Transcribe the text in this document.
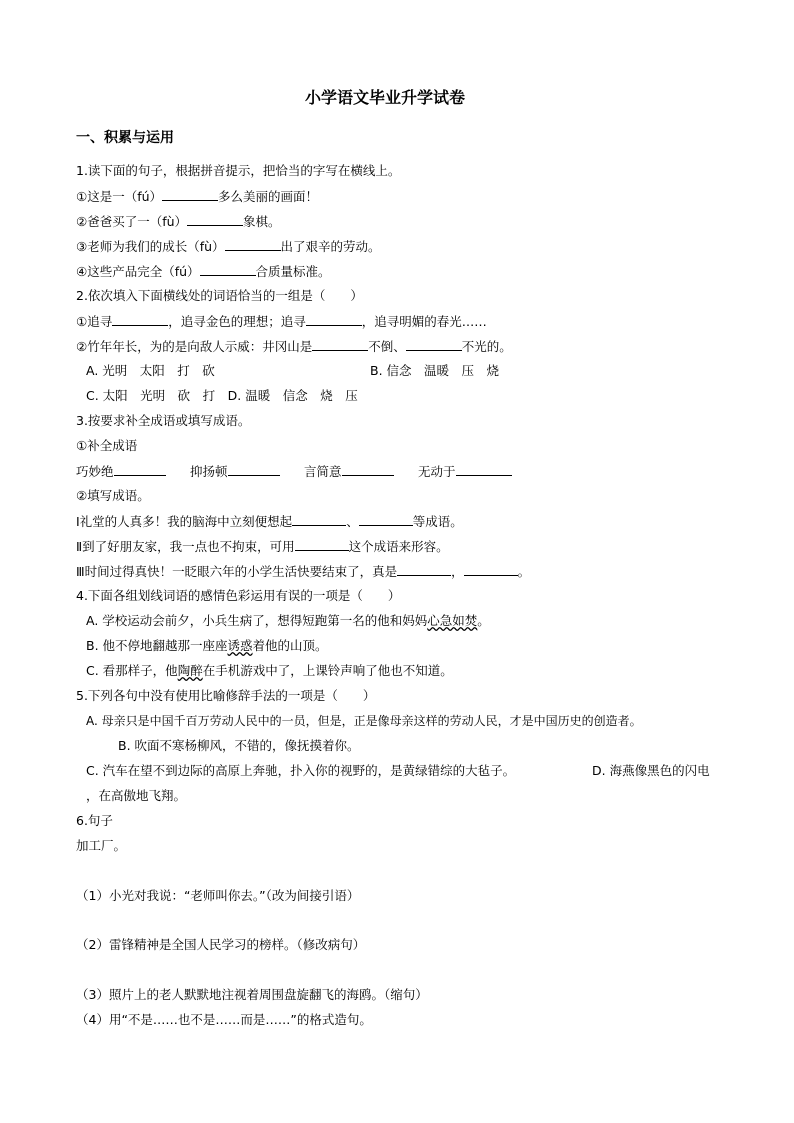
小学语文毕业升学试卷
一、积累与运用
1.读下面的句子，根据拼音提示，把恰当的字写在横线上。
①这是一（fú）	多么美丽的画面！
②爸爸买了一（fù）	象棋。
③老师为我们的成长（fù）	出了艰辛的劳动。
④这些产品完全（fú）	合质量标准。
2.依次填入下面横线处的词语恰当的一组是（　　）
①追寻	，追寻金色的理想；追寻	，追寻明媚的春光……
②竹年年长，为的是向敌人示威：井冈山是	不倒、	不光的。
A. 光明　太阳　打　砍	B. 信念　温暖　压　烧
C. 太阳　光明　砍　打　D. 温暖　信念　烧　压
3.按要求补全成语或填写成语。
①补全成语
巧妙绝	抑扬顿	言简意	无动于
②填写成语。
Ⅰ礼堂的人真多！我的脑海中立刻便想起	、	等成语。
Ⅱ到了好朋友家，我一点也不拘束，可用	这个成语来形容。
Ⅲ时间过得真快！一眨眼六年的小学生活快要结束了，真是	，	。
4.下面各组划线词语的感情色彩运用有误的一项是（　　）
A. 学校运动会前夕，小兵生病了，想得短跑第一名的他和妈妈心急如焚。
B. 他不停地翻越那一座座诱惑着他的山顶。
C. 看那样子，他陶醉在手机游戏中了，上课铃声响了他也不知道。
5.下列各句中没有使用比喻修辞手法的一项是（　　）
A. 母亲只是中国千百万劳动人民中的一员，但是，正是像母亲这样的劳动人民，才是中国历史的创造者。
B. 吹面不寒杨柳风，不错的，像抚摸着你。
C. 汽车在望不到边际的高原上奔驰，扑入你的视野的，是黄绿错综的大毡子。	D. 海燕像黑色的闪电
，在高傲地飞翔。
6.句子
加工厂。
（1）小光对我说：“老师叫你去。”（改为间接引语）
（2）雷锋精神是全国人民学习的榜样。（修改病句）
（3）照片上的老人默默地注视着周围盘旋翻飞的海鸥。（缩句）
（4）用“不是……也不是……而是……”的格式造句。
